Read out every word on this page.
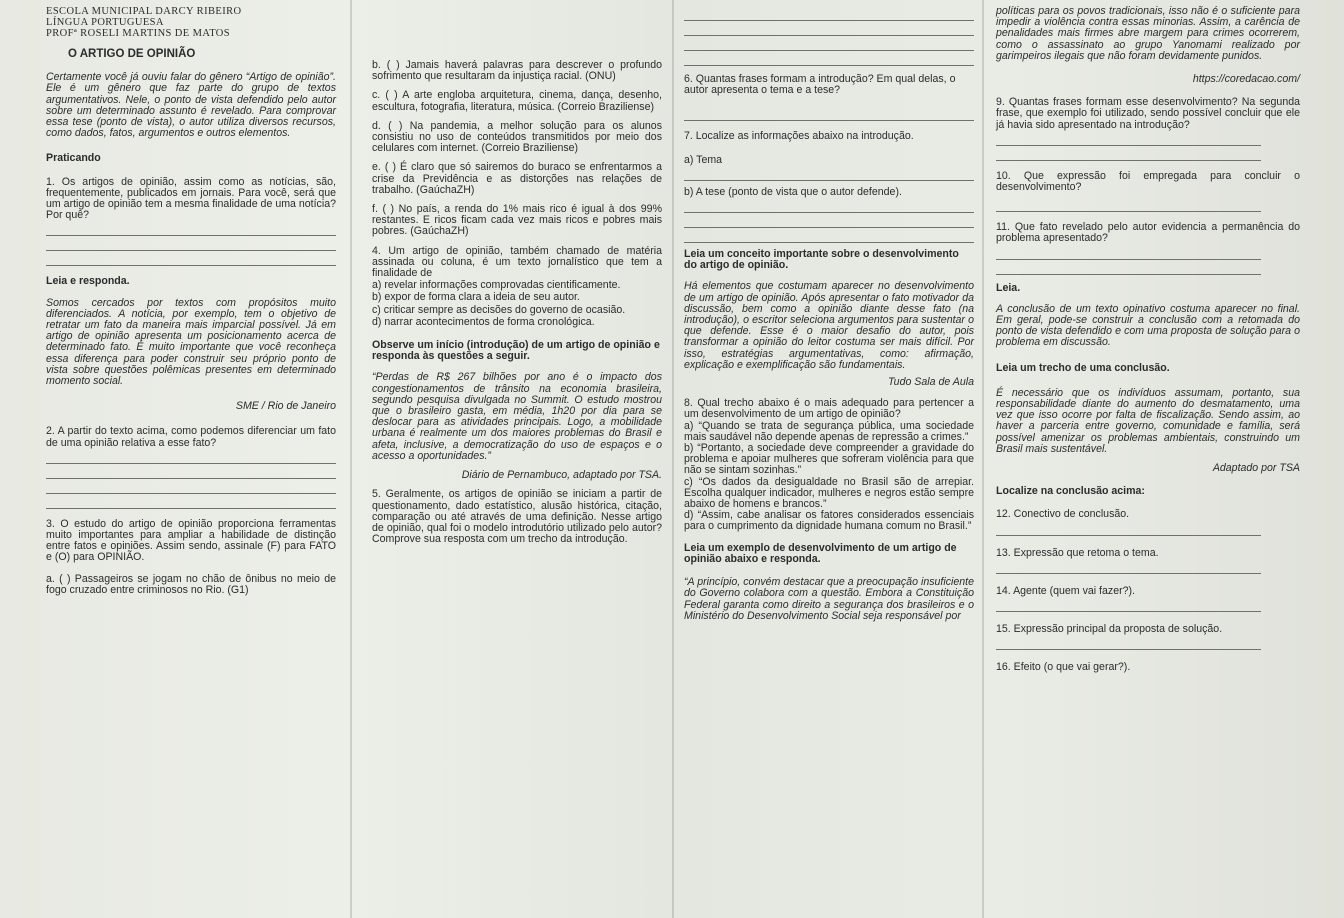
ESCOLA MUNICIPAL DARCY RIBEIRO
LÍNGUA PORTUGUESA
PROFª ROSELI MARTINS DE MATOS

O ARTIGO DE OPINIÃO

Certamente você já ouviu falar do gênero “Artigo de opinião”. Ele é um gênero que faz parte do grupo de textos argumentativos. Nele, o ponto de vista defendido pelo autor sobre um determinado assunto é revelado. Para comprovar essa tese (ponto de vista), o autor utiliza diversos recursos, como dados, fatos, argumentos e outros elementos.

Praticando

1. Os artigos de opinião, assim como as notícias, são, frequentemente, publicados em jornais. Para você, será que um artigo de opinião tem a mesma finalidade de uma notícia? Por quê?

Leia e responda.

Somos cercados por textos com propósitos muito diferenciados. A notícia, por exemplo, tem o objetivo de retratar um fato da maneira mais imparcial possível. Já em artigo de opinião apresenta um posicionamento acerca de determinado fato. É muito importante que você reconheça essa diferença para poder construir seu próprio ponto de vista sobre questões polêmicas presentes em determinado momento social.

SME / Rio de Janeiro

2. A partir do texto acima, como podemos diferenciar um fato de uma opinião relativa a esse fato?

3. O estudo do artigo de opinião proporciona ferramentas muito importantes para ampliar a habilidade de distinção entre fatos e opiniões. Assim sendo, assinale (F) para FATO e (O) para OPINIÃO.

a. ( ) Passageiros se jogam no chão de ônibus no meio de fogo cruzado entre criminosos no Rio. (G1)

b. ( ) Jamais haverá palavras para descrever o profundo sofrimento que resultaram da injustiça racial. (ONU)

c. ( ) A arte engloba arquitetura, cinema, dança, desenho, escultura, fotografia, literatura, música. (Correio Braziliense)

d. ( ) Na pandemia, a melhor solução para os alunos consistiu no uso de conteúdos transmitidos por meio dos celulares com internet. (Correio Braziliense)

e. ( ) É claro que só sairemos do buraco se enfrentarmos a crise da Previdência e as distorções nas relações de trabalho. (GaúchaZH)

f. ( ) No país, a renda do 1% mais rico é igual à dos 99% restantes. E ricos ficam cada vez mais ricos e pobres mais pobres. (GaúchaZH)

4. Um artigo de opinião, também chamado de matéria assinada ou coluna, é um texto jornalístico que tem a finalidade de

a) revelar informações comprovadas cientificamente.

b) expor de forma clara a ideia de seu autor.

c) criticar sempre as decisões do governo de ocasião.

d) narrar acontecimentos de forma cronológica.

Observe um início (introdução) de um artigo de opinião e responda às questões a seguir.

“Perdas de R$ 267 bilhões por ano é o impacto dos congestionamentos de trânsito na economia brasileira, segundo pesquisa divulgada no Summit. O estudo mostrou que o brasileiro gasta, em média, 1h20 por dia para se deslocar para as atividades principais. Logo, a mobilidade urbana é realmente um dos maiores problemas do Brasil e afeta, inclusive, a democratização do uso de espaços e o acesso a oportunidades.”

Diário de Pernambuco, adaptado por TSA.

5. Geralmente, os artigos de opinião se iniciam a partir de questionamento, dado estatístico, alusão histórica, citação, comparação ou até através de uma definição. Nesse artigo de opinião, qual foi o modelo introdutório utilizado pelo autor? Comprove sua resposta com um trecho da introdução.

6. Quantas frases formam a introdução? Em qual delas, o autor apresenta o tema e a tese?

7. Localize as informações abaixo na introdução.

a) Tema

b) A tese (ponto de vista que o autor defende).

Leia um conceito importante sobre o desenvolvimento do artigo de opinião.

Há elementos que costumam aparecer no desenvolvimento de um artigo de opinião. Após apresentar o fato motivador da discussão, bem como a opinião diante desse fato (na introdução), o escritor seleciona argumentos para sustentar o que defende. Esse é o maior desafio do autor, pois transformar a opinião do leitor costuma ser mais difícil. Por isso, estratégias argumentativas, como: afirmação, explicação e exemplificação são fundamentais.

Tudo Sala de Aula

8. Qual trecho abaixo é o mais adequado para pertencer a um desenvolvimento de um artigo de opinião?

a) “Quando se trata de segurança pública, uma sociedade mais saudável não depende apenas de repressão a crimes.”

b) “Portanto, a sociedade deve compreender a gravidade do problema e apoiar mulheres que sofreram violência para que não se sintam sozinhas.”

c) “Os dados da desigualdade no Brasil são de arrepiar. Escolha qualquer indicador, mulheres e negros estão sempre abaixo de homens e brancos.”

d) “Assim, cabe analisar os fatores considerados essenciais para o cumprimento da dignidade humana comum no Brasil.”

Leia um exemplo de desenvolvimento de um artigo de opinião abaixo e responda.

“A princípio, convém destacar que a preocupação insuficiente do Governo colabora com a questão. Embora a Constituição Federal garanta como direito a segurança dos brasileiros e o Ministério do Desenvolvimento Social seja responsável por

políticas para os povos tradicionais, isso não é o suficiente para impedir a violência contra essas minorias. Assim, a carência de penalidades mais firmes abre margem para crimes ocorrerem, como o assassinato ao grupo Yanomami realizado por garimpeiros ilegais que não foram devidamente punidos.

https://coredacao.com/

9. Quantas frases formam esse desenvolvimento? Na segunda frase, que exemplo foi utilizado, sendo possível concluir que ele já havia sido apresentado na introdução?

10. Que expressão foi empregada para concluir o desenvolvimento?

11. Que fato revelado pelo autor evidencia a permanência do problema apresentado?

Leia.

A conclusão de um texto opinativo costuma aparecer no final. Em geral, pode-se construir a conclusão com a retomada do ponto de vista defendido e com uma proposta de solução para o problema em discussão.

Leia um trecho de uma conclusão.

É necessário que os indivíduos assumam, portanto, sua responsabilidade diante do aumento do desmatamento, uma vez que isso ocorre por falta de fiscalização. Sendo assim, ao haver a parceria entre governo, comunidade e família, será possível amenizar os problemas ambientais, construindo um Brasil mais sustentável.

Adaptado por TSA

Localize na conclusão acima:

12. Conectivo de conclusão.

13. Expressão que retoma o tema.

14. Agente (quem vai fazer?).

15. Expressão principal da proposta de solução.

16. Efeito (o que vai gerar?).
